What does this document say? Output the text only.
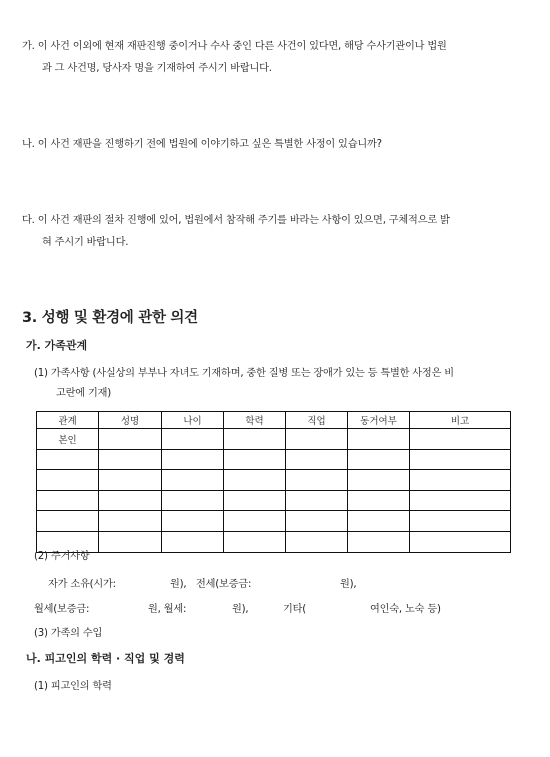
가. 이 사건 이외에 현재 재판진행 중이거나 수사 중인 다른 사건이 있다면, 해당 수사기관이나 법원
과 그 사건명, 당사자 명을 기재하여 주시기 바랍니다.
나. 이 사건 재판을 진행하기 전에 법원에 이야기하고 싶은 특별한 사정이 있습니까?
다. 이 사건 재판의 절차 진행에 있어, 법원에서 참작해 주기를 바라는 사항이 있으면, 구체적으로 밝
혀 주시기 바랍니다.
3. 성행 및 환경에 관한 의견
가. 가족관계
(1) 가족사항 (사실상의 부부나 자녀도 기재하며, 중한 질병 또는 장애가 있는 등 특별한 사정은 비
고란에 기재)
관계	성명	나이	학력	직업	동거여부	비고
본인						

(2) 주거사항
자가 소유(시가:	원), 전세(보증금:	원),
월세(보증금:	원, 월세:	원),	기타(	여인숙, 노숙 등)
(3) 가족의 수입
나. 피고인의 학력 · 직업 및 경력
(1) 피고인의 학력
